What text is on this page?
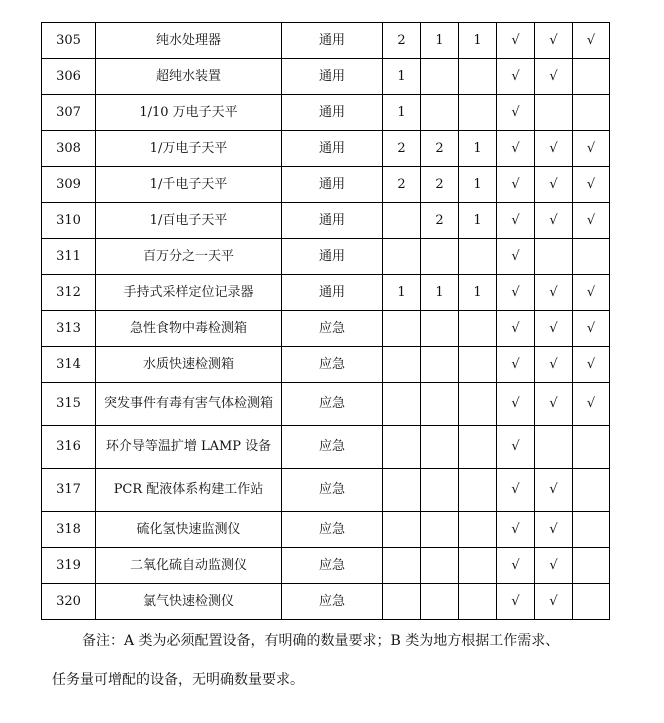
305	纯水处理器	通用	2	1	1	√	√	√
306	超纯水装置	通用	1			√	√	
307	1/10 万电子天平	通用	1			√		
308	1/万电子天平	通用	2	2	1	√	√	√
309	1/千电子天平	通用	2	2	1	√	√	√
310	1/百电子天平	通用		2	1	√	√	√
311	百万分之一天平	通用				√		
312	手持式采样定位记录器	通用	1	1	1	√	√	√
313	急性食物中毒检测箱	应急				√	√	√
314	水质快速检测箱	应急				√	√	√
315	突发事件有毒有害气体检测箱	应急				√	√	√
316	环介导等温扩增 LAMP 设备	应急				√		
317	PCR 配液体系构建工作站	应急				√	√	
318	硫化氢快速监测仪	应急				√	√	
319	二氧化硫自动监测仪	应急				√	√	
320	氯气快速检测仪	应急				√	√	
备注：A 类为必须配置设备，有明确的数量要求；B 类为地方根据工作需求、
任务量可增配的设备，无明确数量要求。
